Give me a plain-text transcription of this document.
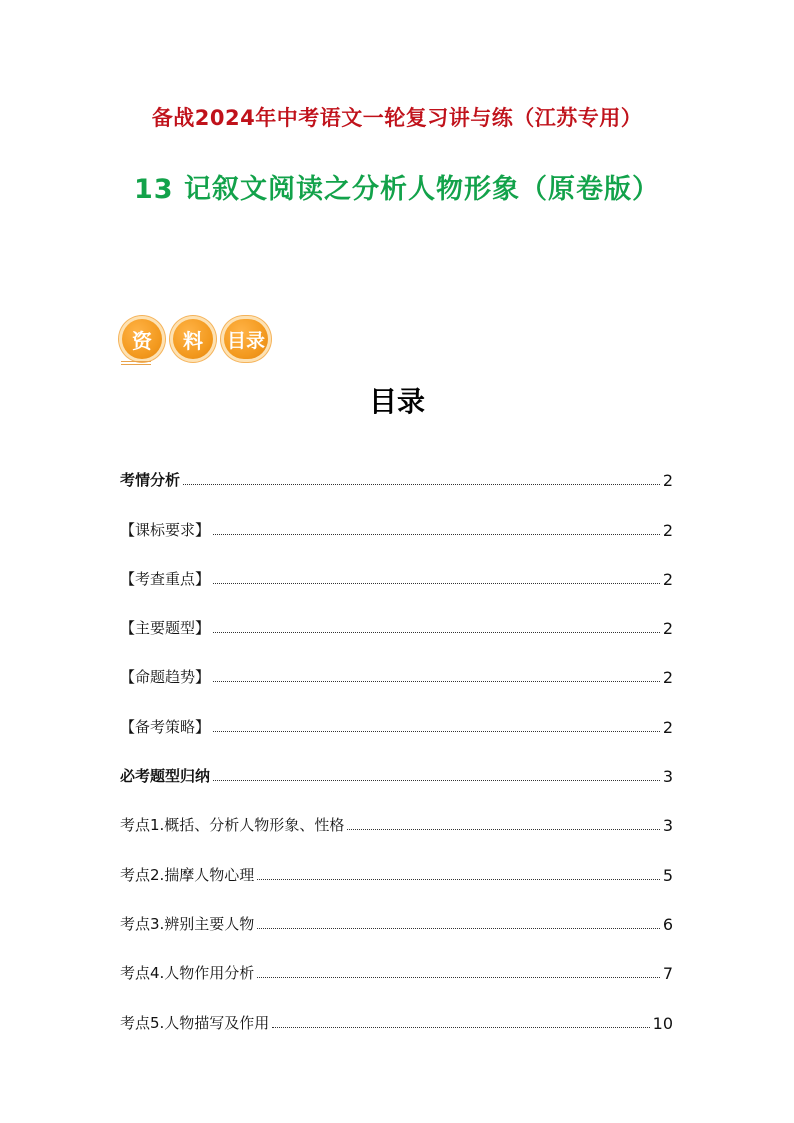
备战2024年中考语文一轮复习讲与练（江苏专用）
13 记叙文阅读之分析人物形象（原卷版）
资 料 目 录
目录
考情分析	2
【课标要求】	2
【考查重点】	2
【主要题型】	2
【命题趋势】	2
【备考策略】	2
必考题型归纳	3
考点1.概括、分析人物形象、性格	3
考点2.揣摩人物心理	5
考点3.辨别主要人物	6
考点4.人物作用分析	7
考点5.人物描写及作用	10
